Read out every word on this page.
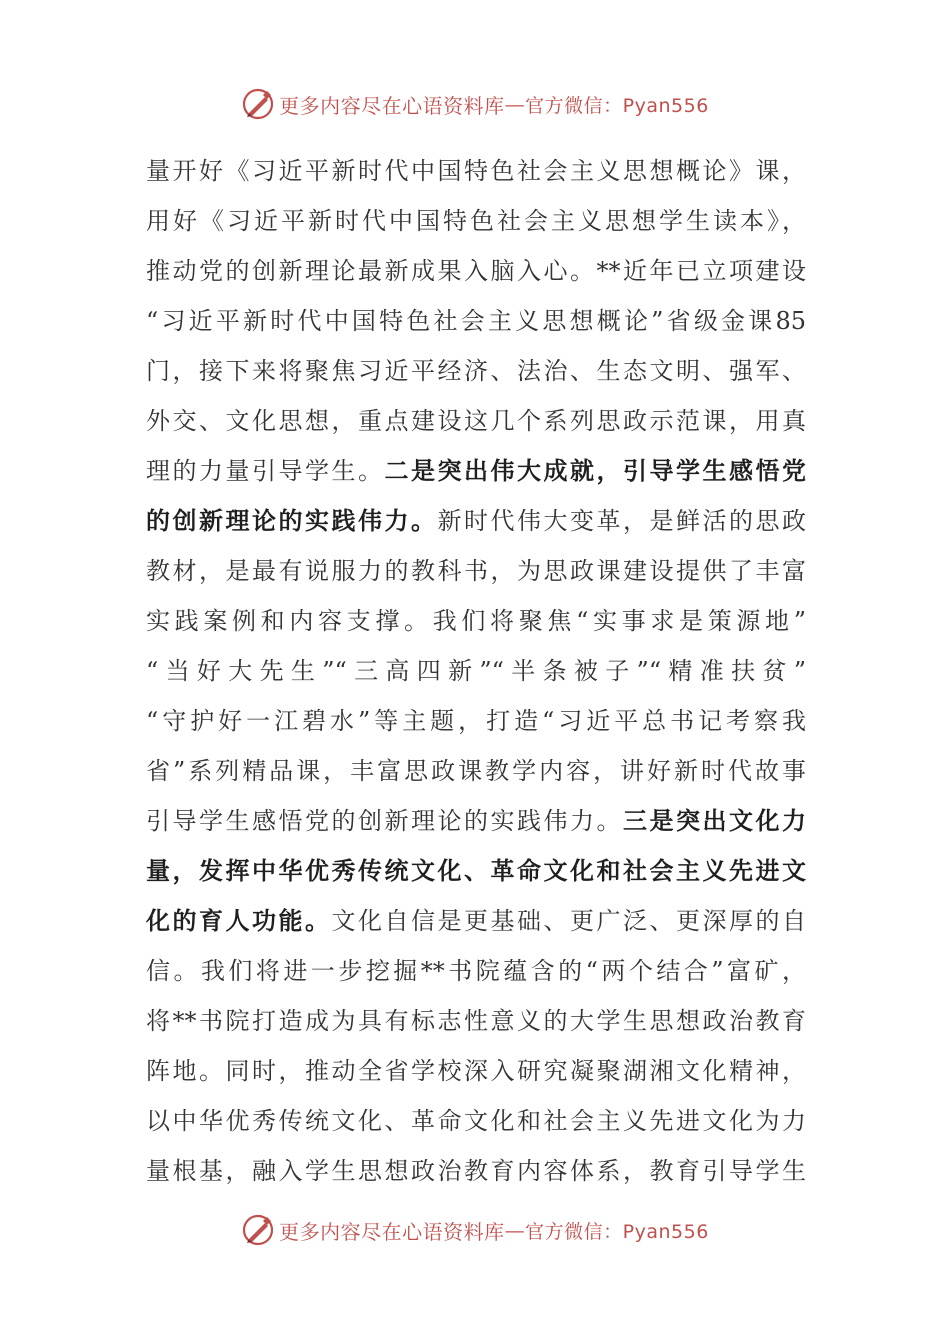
更多内容尽在心语资料库 — 官方微信：Pyan556
量开好《习近平新时代中国特色社会主义思想概论》课，
用好《习近平新时代中国特色社会主义思想学生读本》，
推动党的创新理论最新成果入脑入心。**近年已立项建设
“习近平新时代中国特色社会主义思想概论”省级金课85
门，接下来将聚焦习近平经济、法治、生态文明、强军、
外交、文化思想，重点建设这几个系列思政示范课，用真
理的力量引导学生。二是突出伟大成就，引导学生感悟党
的创新理论的实践伟力。新时代伟大变革，是鲜活的思政
教材，是最有说服力的教科书，为思政课建设提供了丰富
实践案例和内容支撑。我们将聚焦“实事求是策源地”
“当好大先生”“三高四新”“半条被子”“精准扶贫”
“守护好一江碧水”等主题，打造“习近平总书记考察我
省”系列精品课，丰富思政课教学内容，讲好新时代故事
引导学生感悟党的创新理论的实践伟力。三是突出文化力
量，发挥中华优秀传统文化、革命文化和社会主义先进文
化的育人功能。文化自信是更基础、更广泛、更深厚的自
信。我们将进一步挖掘**书院蕴含的“两个结合”富矿，
将**书院打造成为具有标志性意义的大学生思想政治教育
阵地。同时，推动全省学校深入研究凝聚湖湘文化精神，
以中华优秀传统文化、革命文化和社会主义先进文化为力
量根基，融入学生思想政治教育内容体系，教育引导学生
更多内容尽在心语资料库 — 官方微信：Pyan556
